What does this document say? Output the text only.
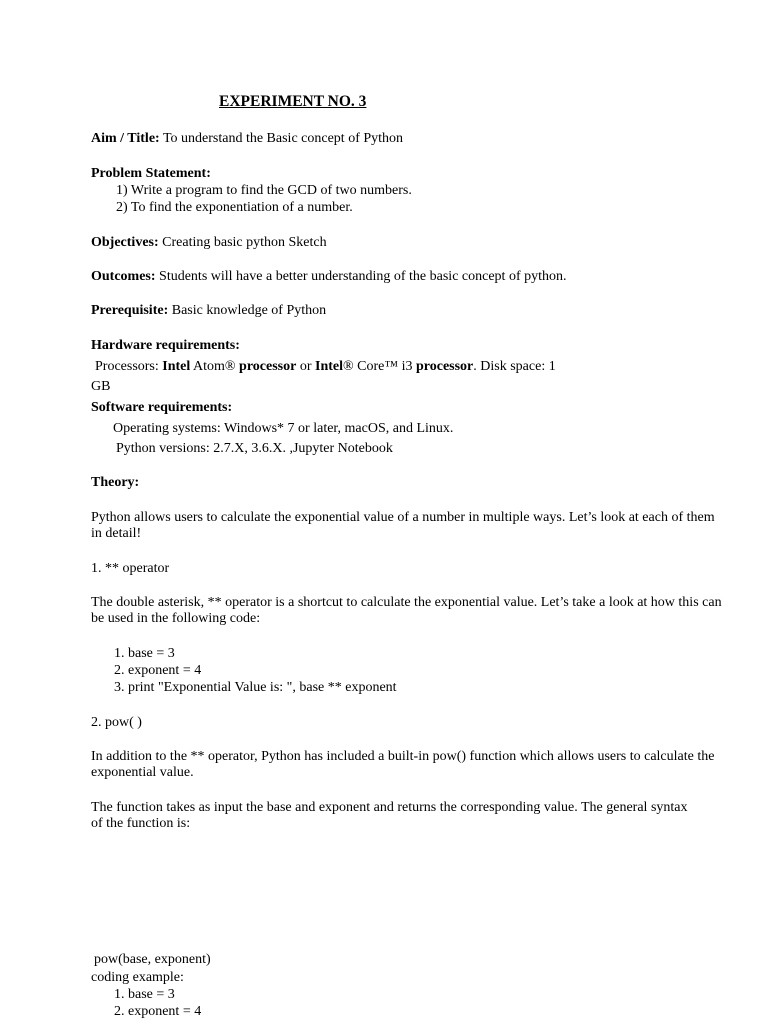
EXPERIMENT NO. 3
Aim / Title: To understand the Basic concept of Python
Problem Statement:
1) Write a program to find the GCD of two numbers.
2) To find the exponentiation of a number.
Objectives: Creating basic python Sketch
Outcomes: Students will have a better understanding of the basic concept of python.
Prerequisite: Basic knowledge of Python
Hardware requirements:
Processors: Intel Atom® processor or Intel® Core™ i3 processor. Disk space: 1
GB
Software requirements:
Operating systems: Windows* 7 or later, macOS, and Linux.
Python versions: 2.7.X, 3.6.X. ,Jupyter Notebook
Theory:
Python allows users to calculate the exponential value of a number in multiple ways. Let’s look at each of them
in detail!
1. ** operator
The double asterisk, ** operator is a shortcut to calculate the exponential value. Let’s take a look at how this can
be used in the following code:
1. base = 3
2. exponent = 4
3. print "Exponential Value is: ", base ** exponent
2. pow( )
In addition to the ** operator, Python has included a built-in pow() function which allows users to calculate the
exponential value.
The function takes as input the base and exponent and returns the corresponding value. The general syntax
of the function is:
pow(base, exponent)
coding example:
1. base = 3
2. exponent = 4
